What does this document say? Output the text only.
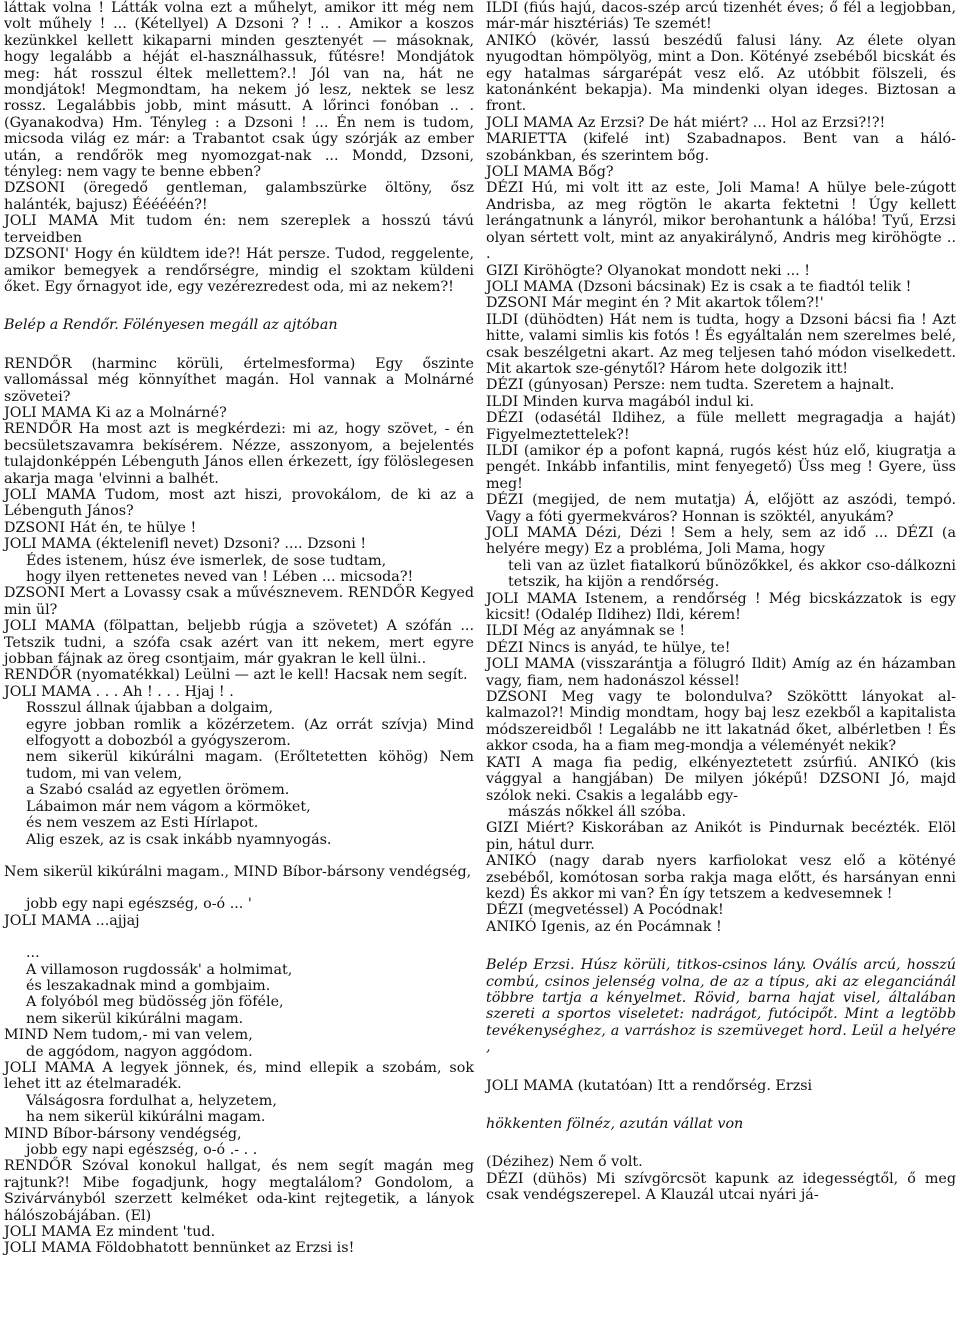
láttak volna ! Látták volna ezt a műhelyt, amikor itt még nem volt műhely ! ... (Kétellyel) A Dzsoni ? ! .. . Amikor a koszos kezünkkel kellett kikaparni minden gesztenyét — másoknak, hogy legalább a héját el-használhassuk, fűtésre! Mondjátok meg: hát rosszul éltek mellettem?.! Jól van na, hát ne mondjátok! Megmondtam, ha nekem jó lesz, nektek se lesz rossz. Legalábbis jobb, mint másutt. A lőrinci fonóban .. . (Gyanakodva) Hm. Tényleg : a Dzsoni ! ... Én nem is tudom, micsoda világ ez már: a Trabantot csak úgy szórják az ember után, a rendőrök meg nyomozgat-nak ... Mondd, Dzsoni, tényleg: nem vagy te benne ebben?

DZSONI (öregedő gentleman, galambszürke öltöny, ősz halánték, bajusz) Éééééén?!

JOLI MAMA Mit tudom én: nem szereplek a hosszú távú terveidben

DZSONI' Hogy én küldtem ide?! Hát persze. Tudod, reggelente, amikor bemegyek a rendőrségre, mindig el szoktam küldeni őket. Egy őrnagyot ide, egy vezérezredest oda, mi az nekem?!

Belép a Rendőr. Fölényesen megáll az ajtóban

RENDŐR (harminc körüli, értelmesforma) Egy őszinte vallomással még könnyíthet magán. Hol vannak a Molnárné szövetei?

JOLI MAMA Ki az a Molnárné?

RENDŐR Ha most azt is megkérdezi: mi az, hogy szövet, - én becsületszavamra bekísérem. Nézze, asszonyom, a bejelentés tulajdonképpén Lébenguth János ellen érkezett, így fölöslegesen akarja maga 'elvinni a balhét.

JOLI MAMA Tudom, most azt hiszi, provokálom, de ki az a Lébenguth János?

DZSONI Hát én, te hülye !

JOLI MAMA (éktelenifl nevet) Dzsoni? .... Dzsoni !

Édes istenem, húsz éve ismerlek, de sose tudtam,

hogy ilyen rettenetes neved van ! Lében ... micsoda?!

DZSONI Mert a Lovassy csak a művésznevem. RENDŐR Kegyed min ül?

JOLI MAMA (fölpattan, beljebb rúgja a szövetet) A szófán ... Tetszik tudni, a szófa csak azért van itt nekem, mert egyre jobban fájnak az öreg csontjaim, már gyakran le kell ülni..

RENDŐR (nyomatékkal) Leülni — azt le kell! Hacsak nem segít.

JOLI MAMA . . . Ah ! . . . Hjaj ! .

Rosszul állnak újabban a dolgaim,

egyre jobban romlik a közérzetem. (Az orrát szívja) Mind elfogyott a dobozból a gyógyszerom.

nem sikerül kikúrálni magam. (Erőltetetten köhög) Nem tudom, mi van velem,

a Szabó család az egyetlen örömem.

Lábaimon már nem vágom a körmöket,

és nem veszem az Esti Hírlapot.

Alig eszek, az is csak inkább nyamnyogás.

Nem sikerül kikúrálni magam., MIND Bíbor-bársony vendégség,

jobb egy napi egészség, o-ó ... '

JOLI MAMA ...ajjaj

...

A villamoson rugdossák' a holmimat,

és leszakadnak mind a gombjaim.

A folyóból meg büdösség jön föféle,

nem sikerül kikúrálni magam.

MIND Nem tudom,- mi van velem,

de aggódom, nagyon aggódom.

JOLI MAMA A legyek jönnek, és, mind ellepik a szobám, sok lehet itt az ételmaradék.

Válságosra fordulhat a, helyzetem,

ha nem sikerül kikúrálni magam.

MIND Bíbor-bársony vendégség,

jobb egy napi egészség, o-ó .- . .

RENDŐR Szóval konokul hallgat, és nem segít magán meg rajtunk?! Mibe fogadjunk, hogy megtalálom? Gondolom, a Szivárványból szerzett kelméket oda-kint rejtegetik, a lányok hálószobájában. (El)

JOLI MAMA Ez mindent 'tud.

JOLI MAMA Földobhatott bennünket az Erzsi is!

ILDI (fiús hajú, dacos-szép arcú tizenhét éves; ő fél a legjobban, már-már hisztériás) Te szemét!

ANIKÓ (kövér, lassú beszédű falusi lány. Az élete olyan nyugodtan hömpölyög, mint a Don. Kötényé zsebéből bicskát és egy hatalmas sárgarépát vesz elő. Az utóbbit fölszeli, és katonánként bekapja). Ma mindenki olyan ideges. Biztosan a front.

JOLI MAMA Az Erzsi? De hát miért? ... Hol az Erzsi?!?!

MARIETTA (kifelé int) Szabadnapos. Bent van a háló-szobánkban, és szerintem bőg.

JOLI MAMA Bőg?

DÉZI Hú, mi volt itt az este, Joli Mama! A hülye bele-zúgott Andrisba, az meg rögtön le akarta fektetni ! Úgy kellett lerángatnunk a lányról, mikor berohantunk a hálóba! Tyű, Erzsi olyan sértett volt, mint az anyakirálynő, Andris meg kiröhögte .. .

GIZI Kiröhögte? Olyanokat mondott neki ... !

JOLI MAMA (Dzsoni bácsinak) Ez is csak a te fiadtól telik !

DZSONI Már megint én ? Mit akartok tőlem?!'

ILDI (dühödten) Hát nem is tudta, hogy a Dzsoni bácsi fia ! Azt hitte, valami simlis kis fotós ! És egyáltalán nem szerelmes belé, csak beszélgetni akart. Az meg teljesen tahó módon viselkedett. Mit akartok sze-génytől? Három hete dolgozik itt!

DÉZI (gúnyosan) Persze: nem tudta. Szeretem a hajnalt.

ILDI Minden kurva magából indul ki.

DÉZI (odasétál Ildihez, a füle mellett megragadja a haját) Figyelmeztettelek?!

ILDI (amikor ép a pofont kapná, rugós kést húz elő, kiugratja a pengét. Inkább infantilis, mint fenyegető) Üss meg ! Gyere, üss meg!

DÉZI (megijed, de nem mutatja) Á, előjött az aszódi, tempó. Vagy a fóti gyermekváros? Honnan is szöktél, anyukám?

JOLI MAMA Dézi, Dézi ! Sem a hely, sem az idő ... DÉZI (a helyére megy) Ez a probléma, Joli Mama, hogy

teli van az üzlet fiatalkorú bűnözőkkel, és akkor cso-dálkozni tetszik, ha kijön a rendőrség.

JOLI MAMA Istenem, a rendőrség ! Még bicskázzatok is egy kicsit! (Odalép Ildihez) Ildi, kérem!

ILDI Még az anyámnak se !

DÉZI Nincs is anyád, te hülye, te!

JOLI MAMA (visszarántja a fölugró Ildit) Amíg az én házamban vagy, fiam, nem hadonászol késsel!

DZSONI Meg vagy te bolondulva? Szököttt lányokat al-kalmazol?! Mindig mondtam, hogy baj lesz ezekből a kapitalista módszereidből ! Legalább ne itt lakatnád őket, albérletben ! És akkor csoda, ha a fiam meg-mondja a véleményét nekik?

KATI A maga fia pedig, elkényeztetett zsúrfiú. ANIKÓ (kis vággyal a hangjában) De milyen jóképű! DZSONI Jó, majd szólok neki. Csakis a legalább egy-

mászás nőkkel áll szóba.

GIZI Miért? Kiskorában az Anikót is Pindurnak becézték. Elöl pin, hátul durr.

ANIKÓ (nagy darab nyers karfiolokat vesz elő a kötényé zsebéből, komótosan sorba rakja maga előtt, és harsányan enni kezd) És akkor mi van? Én így tetszem a kedvesemnek !

DÉZI (megvetéssel) A Pocódnak!

ANIKÓ Igenis, az én Pocámnak !

Belép Erzsi. Húsz körüli, titkos-csinos lány. Oválís arcú, hosszú combú, csinos jelenség volna, de az a típus, aki az eleganciánál többre tartja a kényelmet. Rövid, barna hajat visel, általában szereti a sportos viseletet: nadrágot, futócipőt. Mint a legtöbb tevékenységhez, a varráshoz is szemüveget hord. Leül a helyére ,

JOLI MAMA (kutatóan) Itt a rendőrség. Erzsi

hökkenten fölnéz, azután vállat von

(Dézihez) Nem ő volt.

DÉZI (dühös) Mi szívgörcsöt kapunk az idegességtől, ő meg csak vendégszerepel. A Klauzál utcai nyári já-
